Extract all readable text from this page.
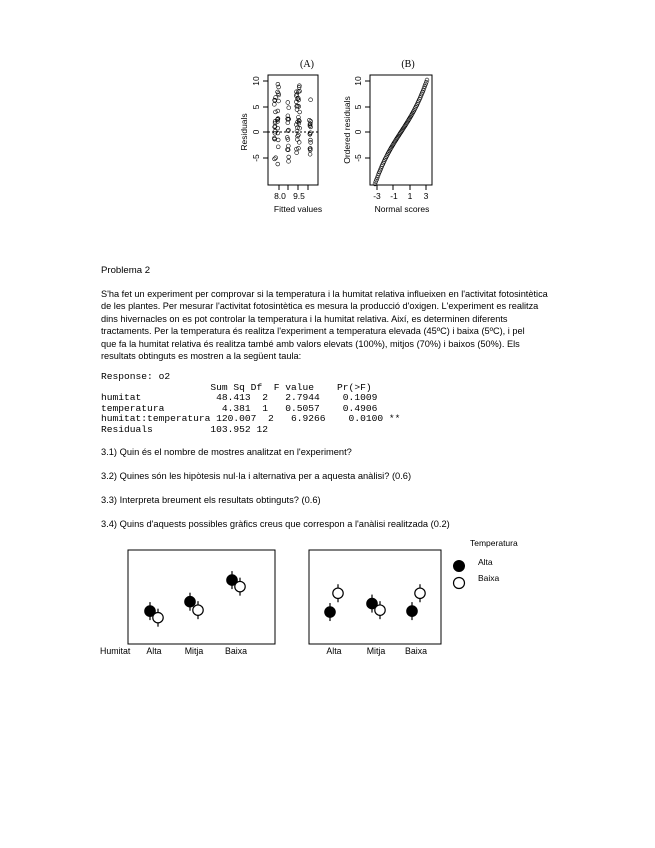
(A)
Residuals
Fitted values
-5
0
5
10
8.0 9.5
(B)
Ordered residuals
Normal scores
-5
0
5
10
-3 -1 1 3
Problema 2
S'ha fet un experiment per comprovar si la temperatura i la humitat relativa influeixen en l'activitat fotosintètica
de les plantes. Per mesurar l'activitat fotosintètica es mesura la producció d'oxigen. L'experiment es realitza
dins hivernacles on es pot controlar la temperatura i la humitat relativa. Així, es determinen diferents
tractaments. Per la temperatura és realitza l'experiment a temperatura elevada (45ºC) i baixa (5ºC), i pel
que fa la humitat relativa és realitza també amb valors elevats (100%), mitjos (70%) i baixos (50%). Els
resultats obtinguts es mostren a la següent taula:
Response: o2
Sum Sq Df  F value    Pr(>F)
humitat             48.413  2   2.7944    0.1009
temperatura          4.381  1   0.5057    0.4906
humitat:temperatura 120.007  2   6.9266    0.0100 **
Residuals          103.952 12
3.1) Quin és el nombre de mostres analitzat en l'experiment?
3.2) Quines són les hipòtesis nul·la i alternativa per a aquesta anàlisi? (0.6)
3.3) Interpreta breument els resultats obtinguts? (0.6)
3.4) Quins d'aquests possibles gràfics creus que correspon a l'anàlisi realitzada (0.2)
Humitat Alta	Mitja Baixa	Alta	Mitja Baixa
Temperatura
Alta
Baixa
